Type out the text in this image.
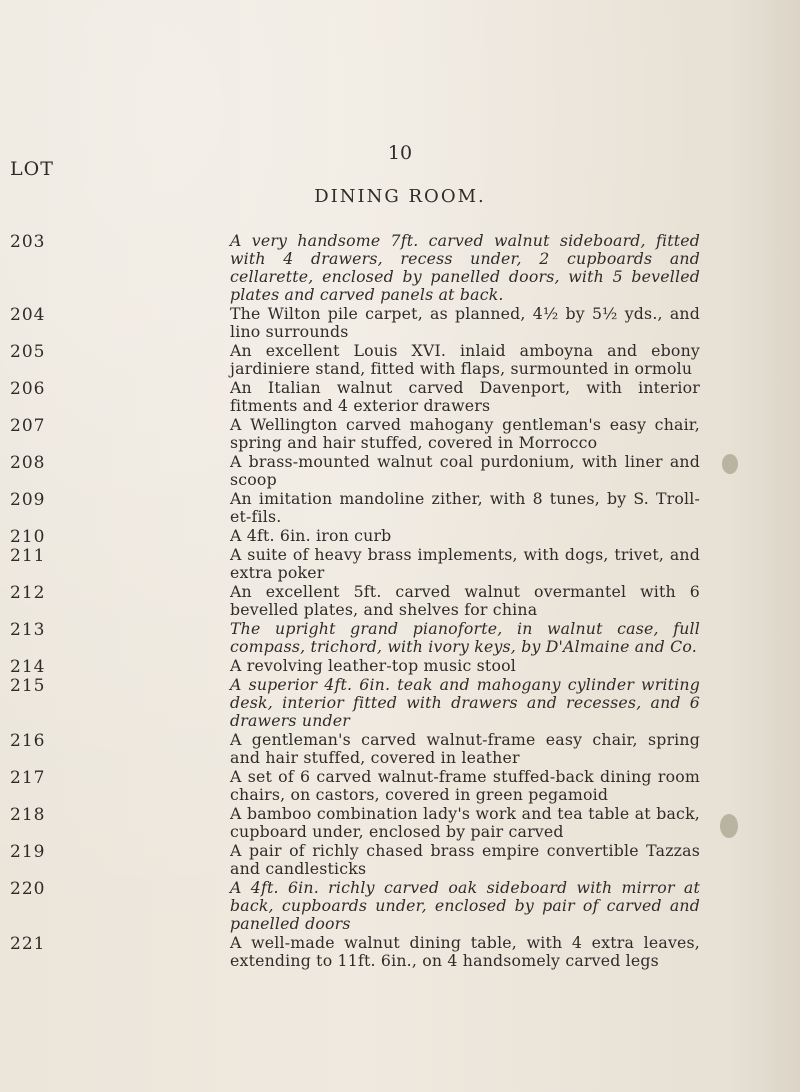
10
LOT
DINING ROOM.
203	A very handsome 7ft. carved walnut sideboard, fitted with 4 drawers, recess under, 2 cupboards and cellarette, enclosed by panelled doors, with 5 bevelled plates and carved panels at back.
204	The Wilton pile carpet, as planned, 4½ by 5½ yds., and lino surrounds
205	An excellent Louis XVI. inlaid amboyna and ebony jardiniere stand, fitted with flaps, surmounted in ormolu
206	An Italian walnut carved Davenport, with interior fitments and 4 exterior drawers
207	A Wellington carved mahogany gentleman's easy chair, spring and hair stuffed, covered in Morrocco
208	A brass-mounted walnut coal purdonium, with liner and scoop
209	An imitation mandoline zither, with 8 tunes, by S. Troll-et-fils.
210	A 4ft. 6in. iron curb
211	A suite of heavy brass implements, with dogs, trivet, and extra poker
212	An excellent 5ft. carved walnut overmantel with 6 bevelled plates, and shelves for china
213	The upright grand pianoforte, in walnut case, full compass, trichord, with ivory keys, by D'Almaine and Co.
214	A revolving leather-top music stool
215	A superior 4ft. 6in. teak and mahogany cylinder writing desk, interior fitted with drawers and recesses, and 6 drawers under
216	A gentleman's carved walnut-frame easy chair, spring and hair stuffed, covered in leather
217	A set of 6 carved walnut-frame stuffed-back dining room chairs, on castors, covered in green pegamoid
218	A bamboo combination lady's work and tea table at back, cupboard under, enclosed by pair carved
219	A pair of richly chased brass empire convertible Tazzas and candlesticks
220	A 4ft. 6in. richly carved oak sideboard with mirror at back, cupboards under, enclosed by pair of carved and panelled doors
221	A well-made walnut dining table, with 4 extra leaves, extending to 11ft. 6in., on 4 handsomely carved legs
